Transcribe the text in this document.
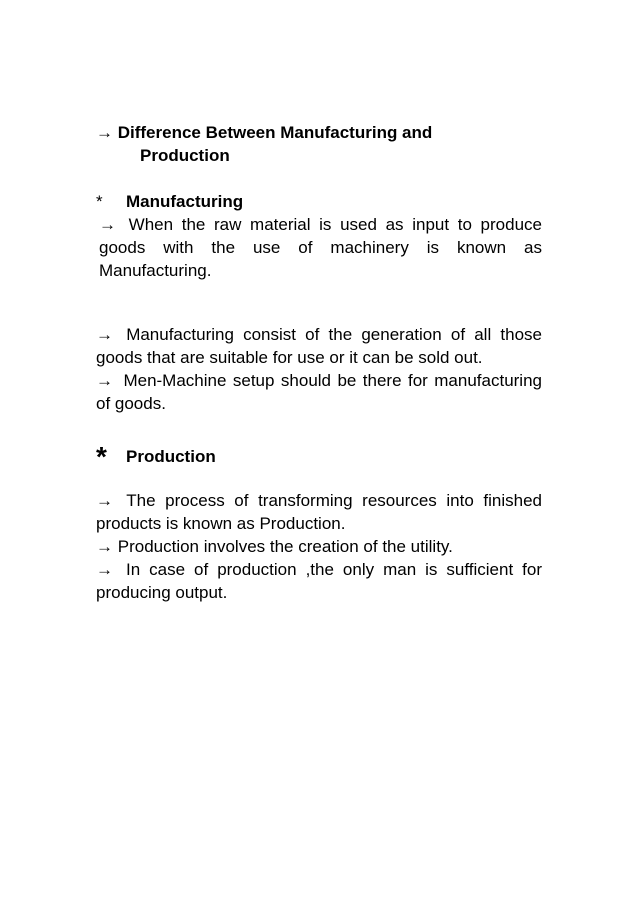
→ Difference Between Manufacturing and
Production
*	Manufacturing

→ When the raw material is used as input to produce goods with the use of machinery is known as Manufacturing.

→ Manufacturing consist of the generation of all those goods that are suitable for use or it can be sold out.

→ Men-Machine setup should be there for manufacturing of goods.

*	Production

→ The process of transforming resources into finished products is known as Production.

→ Production involves the creation of the utility.

→ In case of production ,the only man is sufficient for producing output.
